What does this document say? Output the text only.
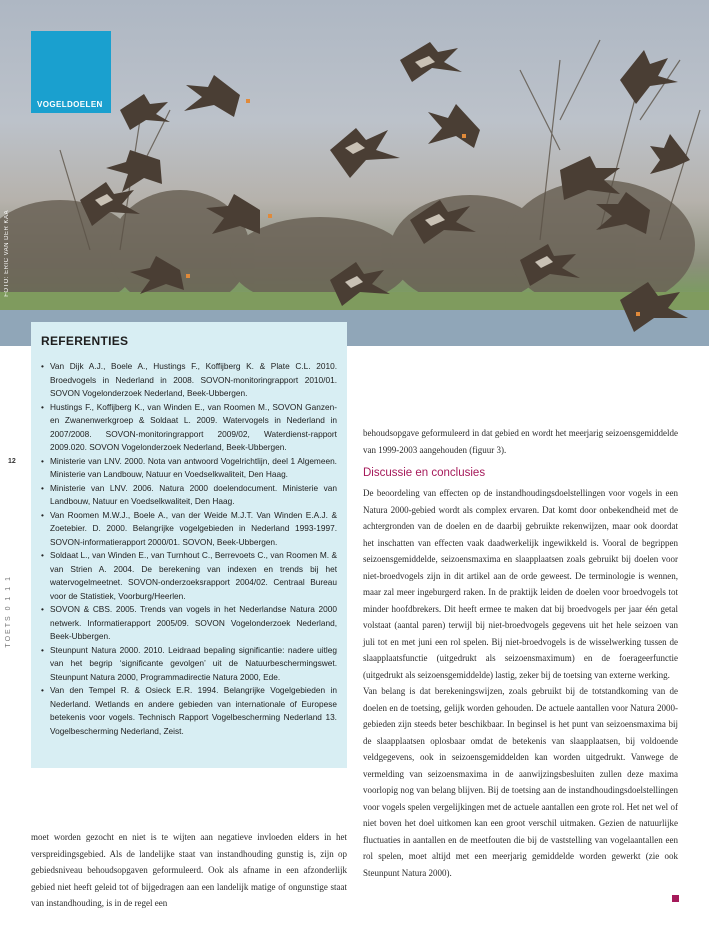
VOGELDOELEN
FOTO: ERIC VAN DER KAA
12
TOETS 0 1 1 1
REFERENTIES
• Van Dijk A.J., Boele A., Hustings F., Koffijberg K. & Plate C.L. 2010. Broedvogels in Nederland in 2008. SOVON-monitoringrapport 2010/01. SOVON Vogelonderzoek Nederland, Beek-Ubbergen.
• Hustings F., Koffijberg K., van Winden E., van Roomen M., SOVON Ganzen- en Zwanenwerkgroep & Soldaat L. 2009. Watervogels in Nederland in 2007/2008. SOVON-monitoringrapport 2009/02, Waterdienst-rapport 2009.020. SOVON Vogelonderzoek Nederland, Beek-Ubbergen.
• Ministerie van LNV. 2000. Nota van antwoord Vogelrichtlijn, deel 1 Algemeen. Ministerie van Landbouw, Natuur en Voedselkwaliteit, Den Haag.
• Ministerie van LNV. 2006. Natura 2000 doelendocument. Ministerie van Landbouw, Natuur en Voedselkwaliteit, Den Haag.
• Van Roomen M.W.J., Boele A., van der Weide M.J.T. Van Winden E.A.J. & Zoetebier. D. 2000. Belangrijke vogelgebieden in Nederland 1993-1997. SOVON-informatierapport 2000/01. SOVON, Beek-Ubbergen.
• Soldaat L., van Winden E., van Turnhout C., Berrevoets C., van Roomen M. & van Strien A. 2004. De berekening van indexen en trends bij het watervogelmeetnet. SOVON-onderzoeksrapport 2004/02. Centraal Bureau voor de Statistiek, Voorburg/Heerlen.
• SOVON & CBS. 2005. Trends van vogels in het Nederlandse Natura 2000 netwerk. Informatierapport 2005/09. SOVON Vogelonderzoek Nederland, Beek-Ubbergen.
• Steunpunt Natura 2000. 2010. Leidraad bepaling significantie: nadere uitleg van het begrip ‘significante gevolgen’ uit de Natuurbeschermingswet. Steunpunt Natura 2000, Programmadirectie Natura 2000, Ede.
• Van den Tempel R. & Osieck E.R. 1994. Belangrijke Vogelgebieden in Nederland. Wetlands en andere gebieden van internationale of Europese betekenis voor vogels. Technisch Rapport Vogelbescherming Nederland 13. Vogelbescherming Nederland, Zeist.

behoudsopgave geformuleerd in dat gebied en wordt het meerjarig seizoensgemiddelde van 1999-2003 aangehouden (figuur 3).

Discussie en conclusies

De beoordeling van effecten op de instandhoudingsdoelstellingen voor vogels in een Natura 2000-gebied wordt als complex ervaren. Dat komt door onbekendheid met de achtergronden van de doelen en de daarbij gebruikte rekenwijzen, maar ook doordat het inschatten van effecten vaak daadwerkelijk ingewikkeld is. Vooral de begrippen seizoensgemiddelde, seizoensmaxima en slaapplaatsen zoals gebruikt bij doelen voor niet-broedvogels zijn in dit artikel aan de orde geweest. De terminologie is wennen, maar zal meer ingeburgerd raken. In de praktijk leiden de doelen voor broedvogels tot minder hoofdbrekers. Dit heeft ermee te maken dat bij broedvogels per jaar één getal volstaat (aantal paren) terwijl bij niet-broedvogels gegevens uit het hele seizoen van juli tot en met juni een rol spelen. Bij niet-broedvogels is de wisselwerking tussen de slaapplaatsfunctie (uitgedrukt als seizoensmaximum) en de foerageerfunctie (uitgedrukt als seizoensgemiddelde) lastig, zeker bij de toetsing van externe werking.

Van belang is dat berekeningswijzen, zoals gebruikt bij de totstandkoming van de doelen en de toetsing, gelijk worden gehouden. De actuele aantallen voor Natura 2000-gebieden zijn steeds beter beschikbaar. In beginsel is het punt van seizoensmaxima bij de slaapplaatsen oplosbaar omdat de betekenis van slaapplaatsen, bij voldoende veldgegevens, ook in seizoensgemiddelden kan worden uitgedrukt. Vanwege de vermelding van seizoensmaxima in de aanwijzingsbesluiten zullen deze maxima voorlopig nog van belang blijven. Bij de toetsing aan de instandhoudingsdoelstellingen voor vogels spelen vergelijkingen met de actuele aantallen een grote rol. Het net wel of niet boven het doel uitkomen kan een groot verschil uitmaken. Gezien de natuurlijke fluctuaties in aantallen en de meetfouten die bij de vaststelling van vogelaantallen een rol spelen, moet altijd met een meerjarig gemiddelde worden gewerkt (zie ook Steunpunt Natura 2000).

moet worden gezocht en niet is te wijten aan negatieve invloeden elders in het verspreidingsgebied. Als de landelijke staat van instandhouding gunstig is, zijn op gebiedsniveau behoudsopgaven geformuleerd. Ook als afname in een afzonderlijk gebied niet heeft geleid tot of bijgedragen aan een landelijk matige of ongunstige staat van instandhouding, is in de regel een
